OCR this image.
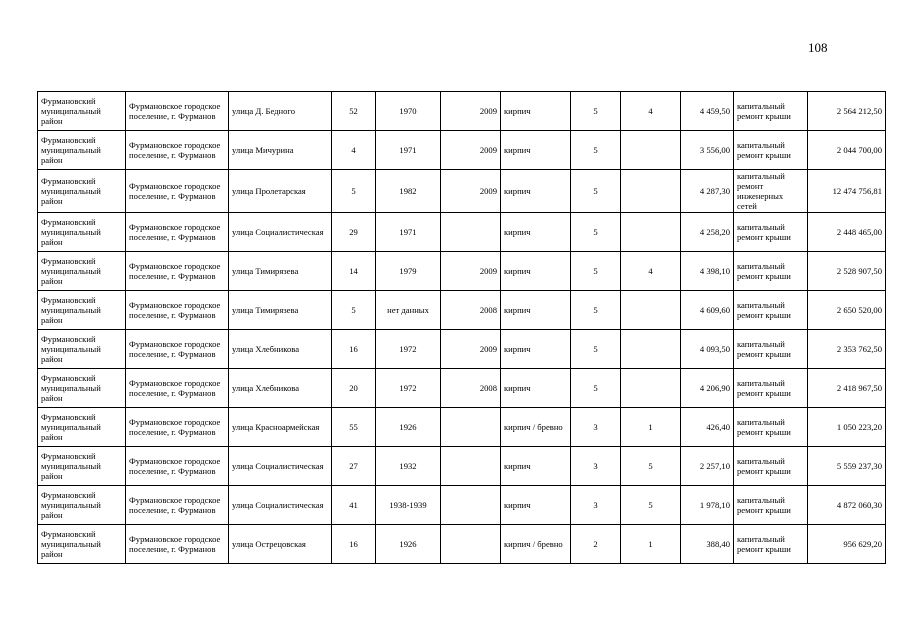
108
Фурмановский муниципальный район	Фурмановское городское поселение, г. Фурманов	улица Д. Бедного	52	1970	2009	кирпич	5	4	4 459,50	капитальный ремонт крыши	2 564 212,50
Фурмановский муниципальный район	Фурмановское городское поселение, г. Фурманов	улица Мичурина	4	1971	2009	кирпич	5		3 556,00	капитальный ремонт крыши	2 044 700,00
Фурмановский муниципальный район	Фурмановское городское поселение, г. Фурманов	улица Пролетарская	5	1982	2009	кирпич	5		4 287,30	капитальный ремонт инженерных сетей	12 474 756,81
Фурмановский муниципальный район	Фурмановское городское поселение, г. Фурманов	улица Социалистическая	29	1971		кирпич	5		4 258,20	капитальный ремонт крыши	2 448 465,00
Фурмановский муниципальный район	Фурмановское городское поселение, г. Фурманов	улица Тимирязева	14	1979	2009	кирпич	5	4	4 398,10	капитальный ремонт крыши	2 528 907,50
Фурмановский муниципальный район	Фурмановское городское поселение, г. Фурманов	улица Тимирязева	5	нет данных	2008	кирпич	5		4 609,60	капитальный ремонт крыши	2 650 520,00
Фурмановский муниципальный район	Фурмановское городское поселение, г. Фурманов	улица Хлебникова	16	1972	2009	кирпич	5		4 093,50	капитальный ремонт крыши	2 353 762,50
Фурмановский муниципальный район	Фурмановское городское поселение, г. Фурманов	улица Хлебникова	20	1972	2008	кирпич	5		4 206,90	капитальный ремонт крыши	2 418 967,50
Фурмановский муниципальный район	Фурмановское городское поселение, г. Фурманов	улица Красноармейская	55	1926		кирпич / бревно	3	1	426,40	капитальный ремонт крыши	1 050 223,20
Фурмановский муниципальный район	Фурмановское городское поселение, г. Фурманов	улица Социалистическая	27	1932		кирпич	3	5	2 257,10	капитальный ремонт крыши	5 559 237,30
Фурмановский муниципальный район	Фурмановское городское поселение, г. Фурманов	улица Социалистическая	41	1938-1939		кирпич	3	5	1 978,10	капитальный ремонт крыши	4 872 060,30
Фурмановский муниципальный район	Фурмановское городское поселение, г. Фурманов	улица Острецовская	16	1926		кирпич / бревно	2	1	388,40	капитальный ремонт крыши	956 629,20
